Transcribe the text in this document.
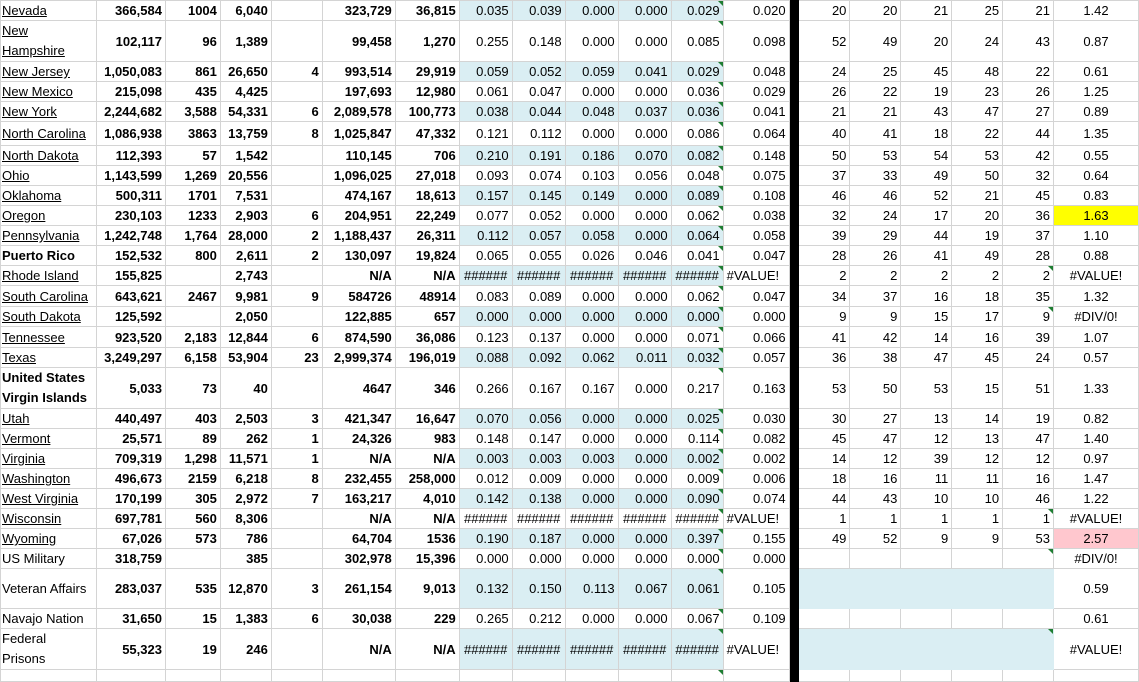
Nevada	366,584	1004	6,040		323,729	36,815	0.035	0.039	0.000	0.000	0.029	0.020		20	20	21	25	21	1.42
New Hampshire	102,117	96	1,389		99,458	1,270	0.255	0.148	0.000	0.000	0.085	0.098		52	49	20	24	43	0.87
New Jersey	1,050,083	861	26,650	4	993,514	29,919	0.059	0.052	0.059	0.041	0.029	0.048		24	25	45	48	22	0.61
New Mexico	215,098	435	4,425		197,693	12,980	0.061	0.047	0.000	0.000	0.036	0.029		26	22	19	23	26	1.25
New York	2,244,682	3,588	54,331	6	2,089,578	100,773	0.038	0.044	0.048	0.037	0.036	0.041		21	21	43	47	27	0.89
North Carolina	1,086,938	3863	13,759	8	1,025,847	47,332	0.121	0.112	0.000	0.000	0.086	0.064		40	41	18	22	44	1.35
North Dakota	112,393	57	1,542		110,145	706	0.210	0.191	0.186	0.070	0.082	0.148		50	53	54	53	42	0.55
Ohio	1,143,599	1,269	20,556		1,096,025	27,018	0.093	0.074	0.103	0.056	0.048	0.075		37	33	49	50	32	0.64
Oklahoma	500,311	1701	7,531		474,167	18,613	0.157	0.145	0.149	0.000	0.089	0.108		46	46	52	21	45	0.83
Oregon	230,103	1233	2,903	6	204,951	22,249	0.077	0.052	0.000	0.000	0.062	0.038		32	24	17	20	36	1.63
Pennsylvania	1,242,748	1,764	28,000	2	1,188,437	26,311	0.112	0.057	0.058	0.000	0.064	0.058		39	29	44	19	37	1.10
Puerto Rico	152,532	800	2,611	2	130,097	19,824	0.065	0.055	0.026	0.046	0.041	0.047		28	26	41	49	28	0.88
Rhode Island	155,825		2,743		N/A	N/A	######	######	######	######	######	#VALUE!		2	2	2	2	2	#VALUE!
South Carolina	643,621	2467	9,981	9	584726	48914	0.083	0.089	0.000	0.000	0.062	0.047		34	37	16	18	35	1.32
South Dakota	125,592		2,050		122,885	657	0.000	0.000	0.000	0.000	0.000	0.000		9	9	15	17	9	#DIV/0!
Tennessee	923,520	2,183	12,844	6	874,590	36,086	0.123	0.137	0.000	0.000	0.071	0.066		41	42	14	16	39	1.07
Texas	3,249,297	6,158	53,904	23	2,999,374	196,019	0.088	0.092	0.062	0.011	0.032	0.057		36	38	47	45	24	0.57
United States Virgin Islands	5,033	73	40		4647	346	0.266	0.167	0.167	0.000	0.217	0.163		53	50	53	15	51	1.33
Utah	440,497	403	2,503	3	421,347	16,647	0.070	0.056	0.000	0.000	0.025	0.030		30	27	13	14	19	0.82
Vermont	25,571	89	262	1	24,326	983	0.148	0.147	0.000	0.000	0.114	0.082		45	47	12	13	47	1.40
Virginia	709,319	1,298	11,571	1	N/A	N/A	0.003	0.003	0.003	0.000	0.002	0.002		14	12	39	12	12	0.97
Washington	496,673	2159	6,218	8	232,455	258,000	0.012	0.009	0.000	0.000	0.009	0.006		18	16	11	11	16	1.47
West Virginia	170,199	305	2,972	7	163,217	4,010	0.142	0.138	0.000	0.000	0.090	0.074		44	43	10	10	46	1.22
Wisconsin	697,781	560	8,306		N/A	N/A	######	######	######	######	######	#VALUE!		1	1	1	1	1	#VALUE!
Wyoming	67,026	573	786		64,704	1536	0.190	0.187	0.000	0.000	0.397	0.155		49	52	9	9	53	2.57
US Military	318,759		385		302,978	15,396	0.000	0.000	0.000	0.000	0.000	0.000							#DIV/0!
Veteran Affairs	283,037	535	12,870	3	261,154	9,013	0.132	0.150	0.113	0.067	0.061	0.105							0.59
Navajo Nation	31,650	15	1,383	6	30,038	229	0.265	0.212	0.000	0.000	0.067	0.109							0.61
Federal Prisons	55,323	19	246		N/A	N/A	######	######	######	######	######	#VALUE!							#VALUE!
